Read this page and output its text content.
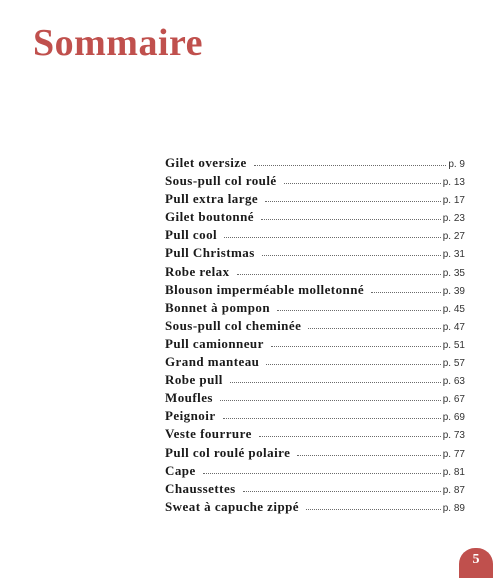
Sommaire
Gilet oversize	p. 9
Sous-pull col roulé	p. 13
Pull extra large	p. 17
Gilet boutonné	p. 23
Pull cool	p. 27
Pull Christmas	p. 31
Robe relax	p. 35
Blouson imperméable molletonné	p. 39
Bonnet à pompon	p. 45
Sous-pull col cheminée	p. 47
Pull camionneur	p. 51
Grand manteau	p. 57
Robe pull	p. 63
Moufles	p. 67
Peignoir	p. 69
Veste fourrure	p. 73
Pull col roulé polaire	p. 77
Cape	p. 81
Chaussettes	p. 87
Sweat à capuche zippé	p. 89
5
